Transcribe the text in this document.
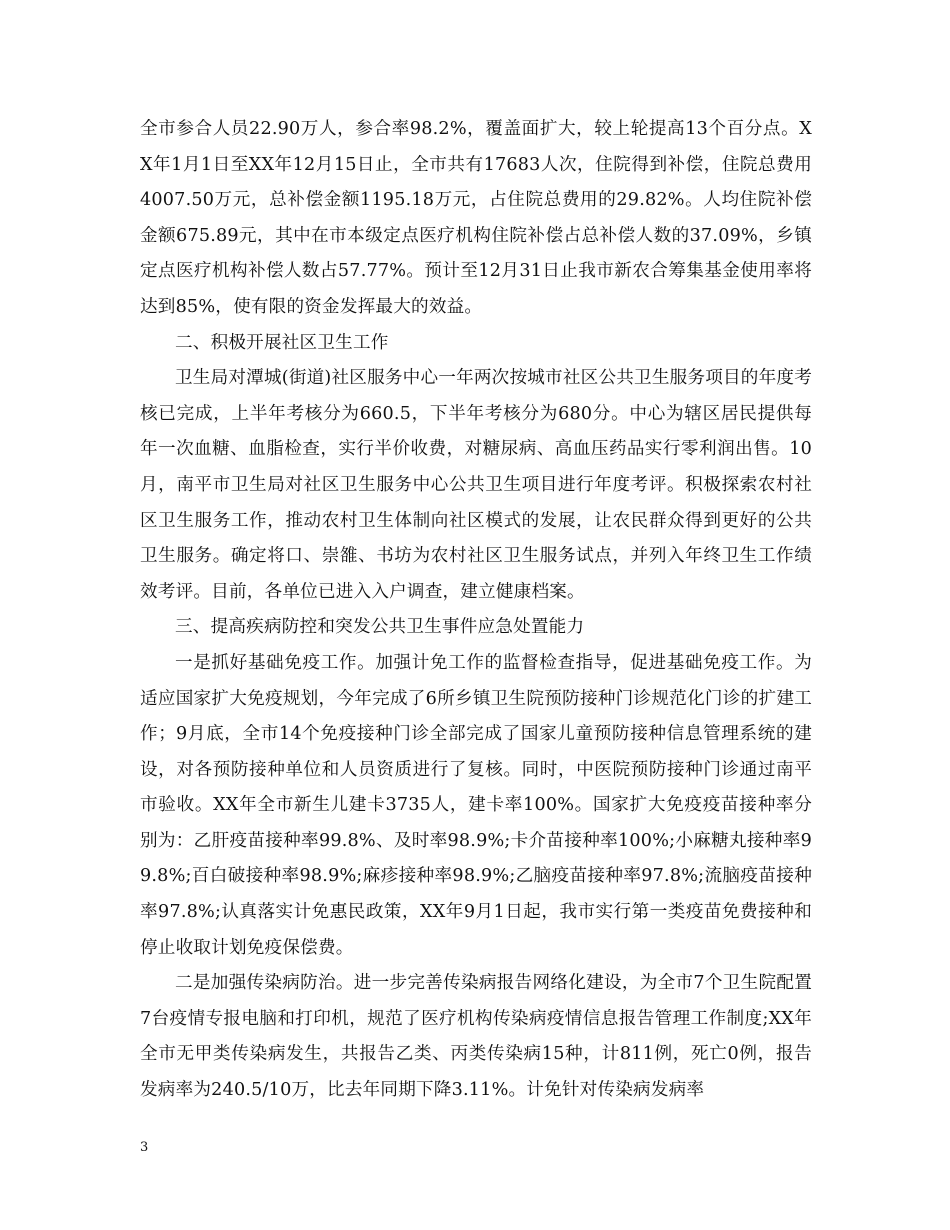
全市参合人员22.90万人，参合率98.2%，覆盖面扩大，较上轮提高13个百分点。XX年1月1日至XX年12月15日止，全市共有17683人次，住院得到补偿，住院总费用4007.50万元，总补偿金额1195.18万元，占住院总费用的29.82%。人均住院补偿金额675.89元，其中在市本级定点医疗机构住院补偿占总补偿人数的37.09%，乡镇定点医疗机构补偿人数占57.77%。预计至12月31日止我市新农合筹集基金使用率将达到85%，使有限的资金发挥最大的效益。

二、积极开展社区卫生工作

卫生局对潭城(街道)社区服务中心一年两次按城市社区公共卫生服务项目的年度考核已完成，上半年考核分为660.5，下半年考核分为680分。中心为辖区居民提供每年一次血糖、血脂检查，实行半价收费，对糖尿病、高血压药品实行零利润出售。10月，南平市卫生局对社区卫生服务中心公共卫生项目进行年度考评。积极探索农村社区卫生服务工作，推动农村卫生体制向社区模式的发展，让农民群众得到更好的公共卫生服务。确定将口、崇雒、书坊为农村社区卫生服务试点，并列入年终卫生工作绩效考评。目前，各单位已进入入户调查，建立健康档案。

三、提高疾病防控和突发公共卫生事件应急处置能力

一是抓好基础免疫工作。加强计免工作的监督检查指导，促进基础免疫工作。为适应国家扩大免疫规划，今年完成了6所乡镇卫生院预防接种门诊规范化门诊的扩建工作；9月底，全市14个免疫接种门诊全部完成了国家儿童预防接种信息管理系统的建设，对各预防接种单位和人员资质进行了复核。同时，中医院预防接种门诊通过南平市验收。XX年全市新生儿建卡3735人，建卡率100%。国家扩大免疫疫苗接种率分别为：乙肝疫苗接种率99.8%、及时率98.9%;卡介苗接种率100%;小麻糖丸接种率99.8%;百白破接种率98.9%;麻疹接种率98.9%;乙脑疫苗接种率97.8%;流脑疫苗接种率97.8%;认真落实计免惠民政策，XX年9月1日起，我市实行第一类疫苗免费接种和停止收取计划免疫保偿费。

二是加强传染病防治。进一步完善传染病报告网络化建设，为全市7个卫生院配置7台疫情专报电脑和打印机，规范了医疗机构传染病疫情信息报告管理工作制度;XX年全市无甲类传染病发生，共报告乙类、丙类传染病15种，计811例，死亡0例，报告发病率为240.5/10万，比去年同期下降3.11%。计免针对传染病发病率

3
